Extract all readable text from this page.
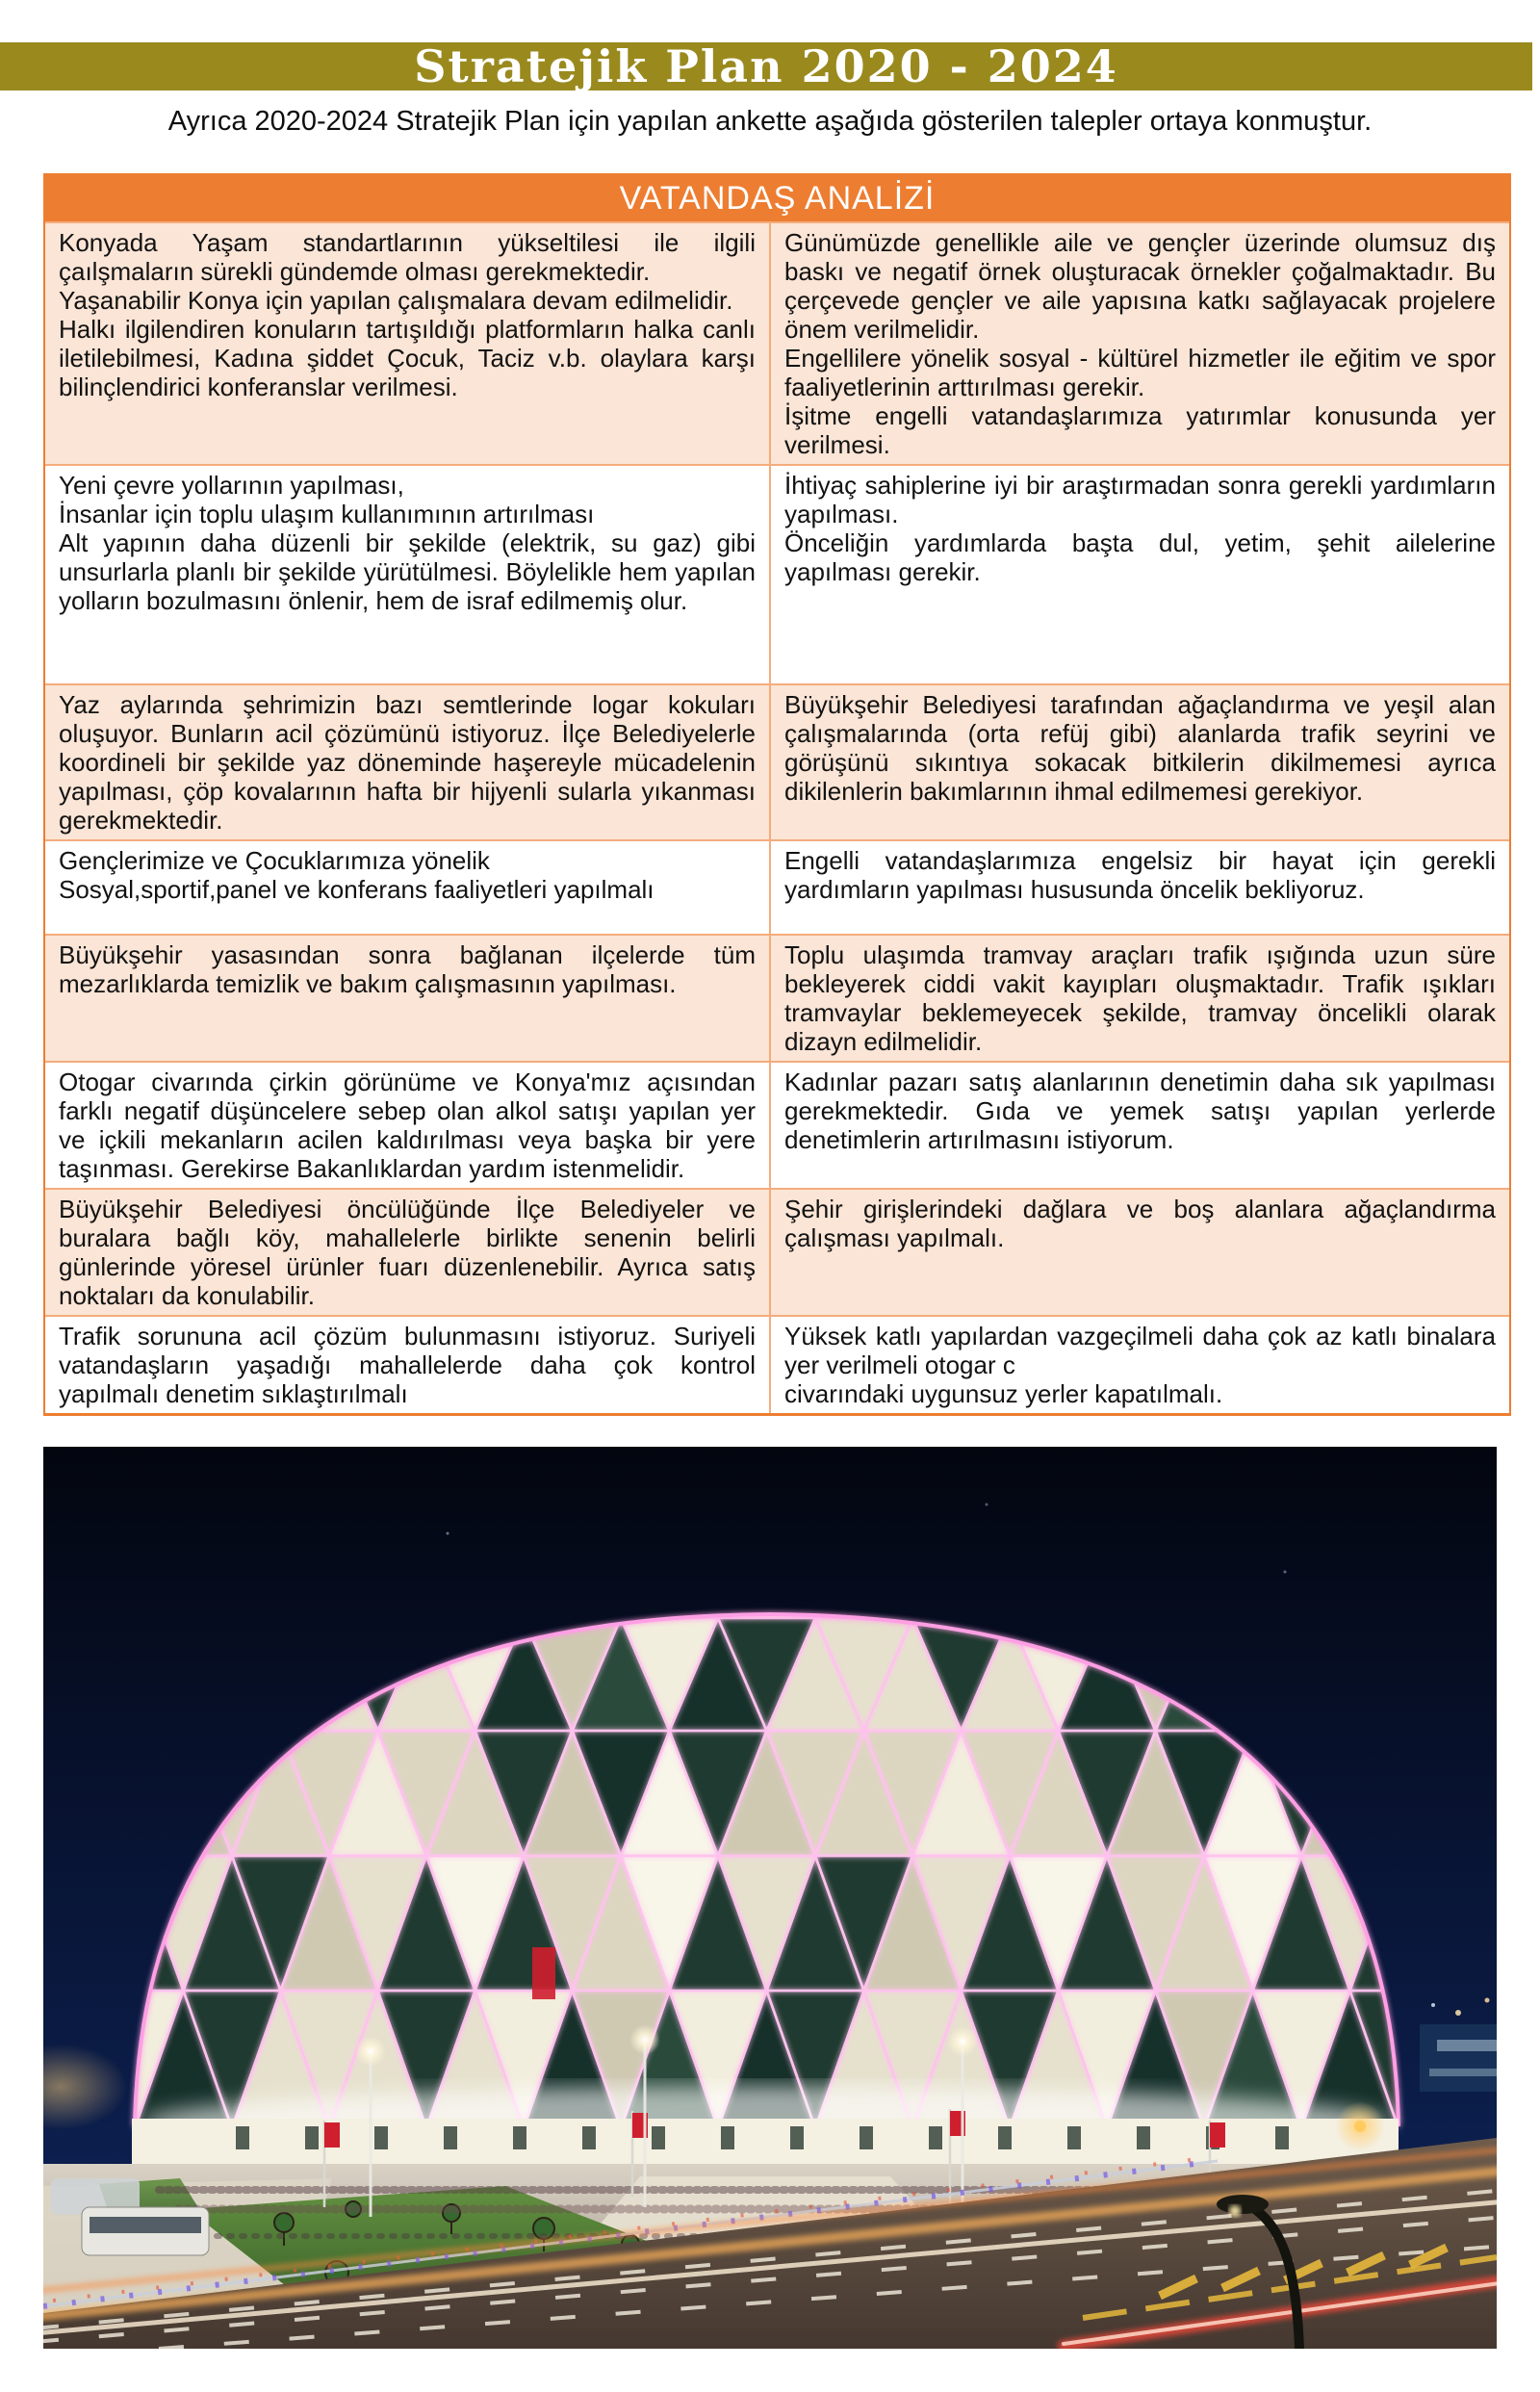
Stratejik Plan 2020 - 2024
Ayrıca 2020-2024 Stratejik Plan için yapılan ankette aşağıda gösterilen talepler ortaya konmuştur.
VATANDAŞ ANALİZİ
Konyada Yaşam standartlarının yükseltilesi ile ilgili çaılşmaların sürekli gündemde olması gerekmektedir.
Yaşanabilir Konya için yapılan çalışmalara devam edilmelidir.
Halkı ilgilendiren konuların tartışıldığı platformların halka canlı iletilebilmesi, Kadına şiddet Çocuk, Taciz v.b. olaylara karşı bilinçlendirici konferanslar verilmesi.
Günümüzde genellikle aile ve gençler üzerinde olumsuz dış baskı ve negatif örnek oluşturacak örnekler çoğalmaktadır. Bu çerçevede gençler ve aile yapısına katkı sağlayacak projelere önem verilmelidir.
Engellilere yönelik sosyal - kültürel hizmetler ile eğitim ve spor faaliyetlerinin arttırılması gerekir.
İşitme engelli vatandaşlarımıza yatırımlar konusunda yer verilmesi.
Yeni çevre yollarının yapılması,
İnsanlar için toplu ulaşım kullanımının artırılması
Alt yapının daha düzenli bir şekilde (elektrik, su gaz) gibi unsurlarla planlı bir şekilde yürütülmesi. Böylelikle hem yapılan yolların bozulmasını önlenir, hem de israf edilmemiş olur.
İhtiyaç sahiplerine iyi bir araştırmadan sonra gerekli yardımların yapılması.
Önceliğin yardımlarda başta dul, yetim, şehit ailelerine yapılması gerekir.
Yaz aylarında şehrimizin bazı semtlerinde logar kokuları oluşuyor. Bunların acil çözümünü istiyoruz. İlçe Belediyelerle koordineli bir şekilde yaz döneminde haşereyle mücadelenin yapılması, çöp kovalarının hafta bir hijyenli sularla yıkanması gerekmektedir.
Büyükşehir Belediyesi tarafından ağaçlandırma ve yeşil alan çalışmalarında (orta refüj gibi) alanlarda trafik seyrini ve görüşünü sıkıntıya sokacak bitkilerin dikilmemesi ayrıca dikilenlerin bakımlarının ihmal edilmemesi gerekiyor.
Gençlerimize ve Çocuklarımıza yönelik
Sosyal,sportif,panel ve konferans faaliyetleri yapılmalı
Engelli vatandaşlarımıza engelsiz bir hayat için gerekli yardımların yapılması hususunda öncelik bekliyoruz.
Büyükşehir yasasından sonra bağlanan ilçelerde tüm mezarlıklarda temizlik ve bakım çalışmasının yapılması.
Toplu ulaşımda tramvay araçları trafik ışığında uzun süre bekleyerek ciddi vakit kayıpları oluşmaktadır. Trafik ışıkları tramvaylar beklemeyecek şekilde, tramvay öncelikli olarak dizayn edilmelidir.
Otogar civarında çirkin görünüme ve Konya'mız açısından farklı negatif düşüncelere sebep olan alkol satışı yapılan yer ve içkili mekanların acilen kaldırılması veya başka bir yere taşınması. Gerekirse Bakanlıklardan yardım istenmelidir.
Kadınlar pazarı satış alanlarının denetimin daha sık yapılması gerekmektedir. Gıda ve yemek satışı yapılan yerlerde denetimlerin artırılmasını istiyorum.
Büyükşehir Belediyesi öncülüğünde İlçe Belediyeler ve buralara bağlı köy, mahallelerle birlikte senenin belirli günlerinde yöresel ürünler fuarı düzenlenebilir. Ayrıca satış noktaları da konulabilir.
Şehir girişlerindeki dağlara ve boş alanlara ağaçlandırma çalışması yapılmalı.
Trafik sorununa acil çözüm bulunmasını istiyoruz. Suriyeli vatandaşların yaşadığı mahallelerde daha çok kontrol yapılmalı denetim sıklaştırılmalı
Yüksek katlı yapılardan vazgeçilmeli daha çok az katlı binalara yer verilmeli otogar c
civarındaki uygunsuz yerler kapatılmalı.
